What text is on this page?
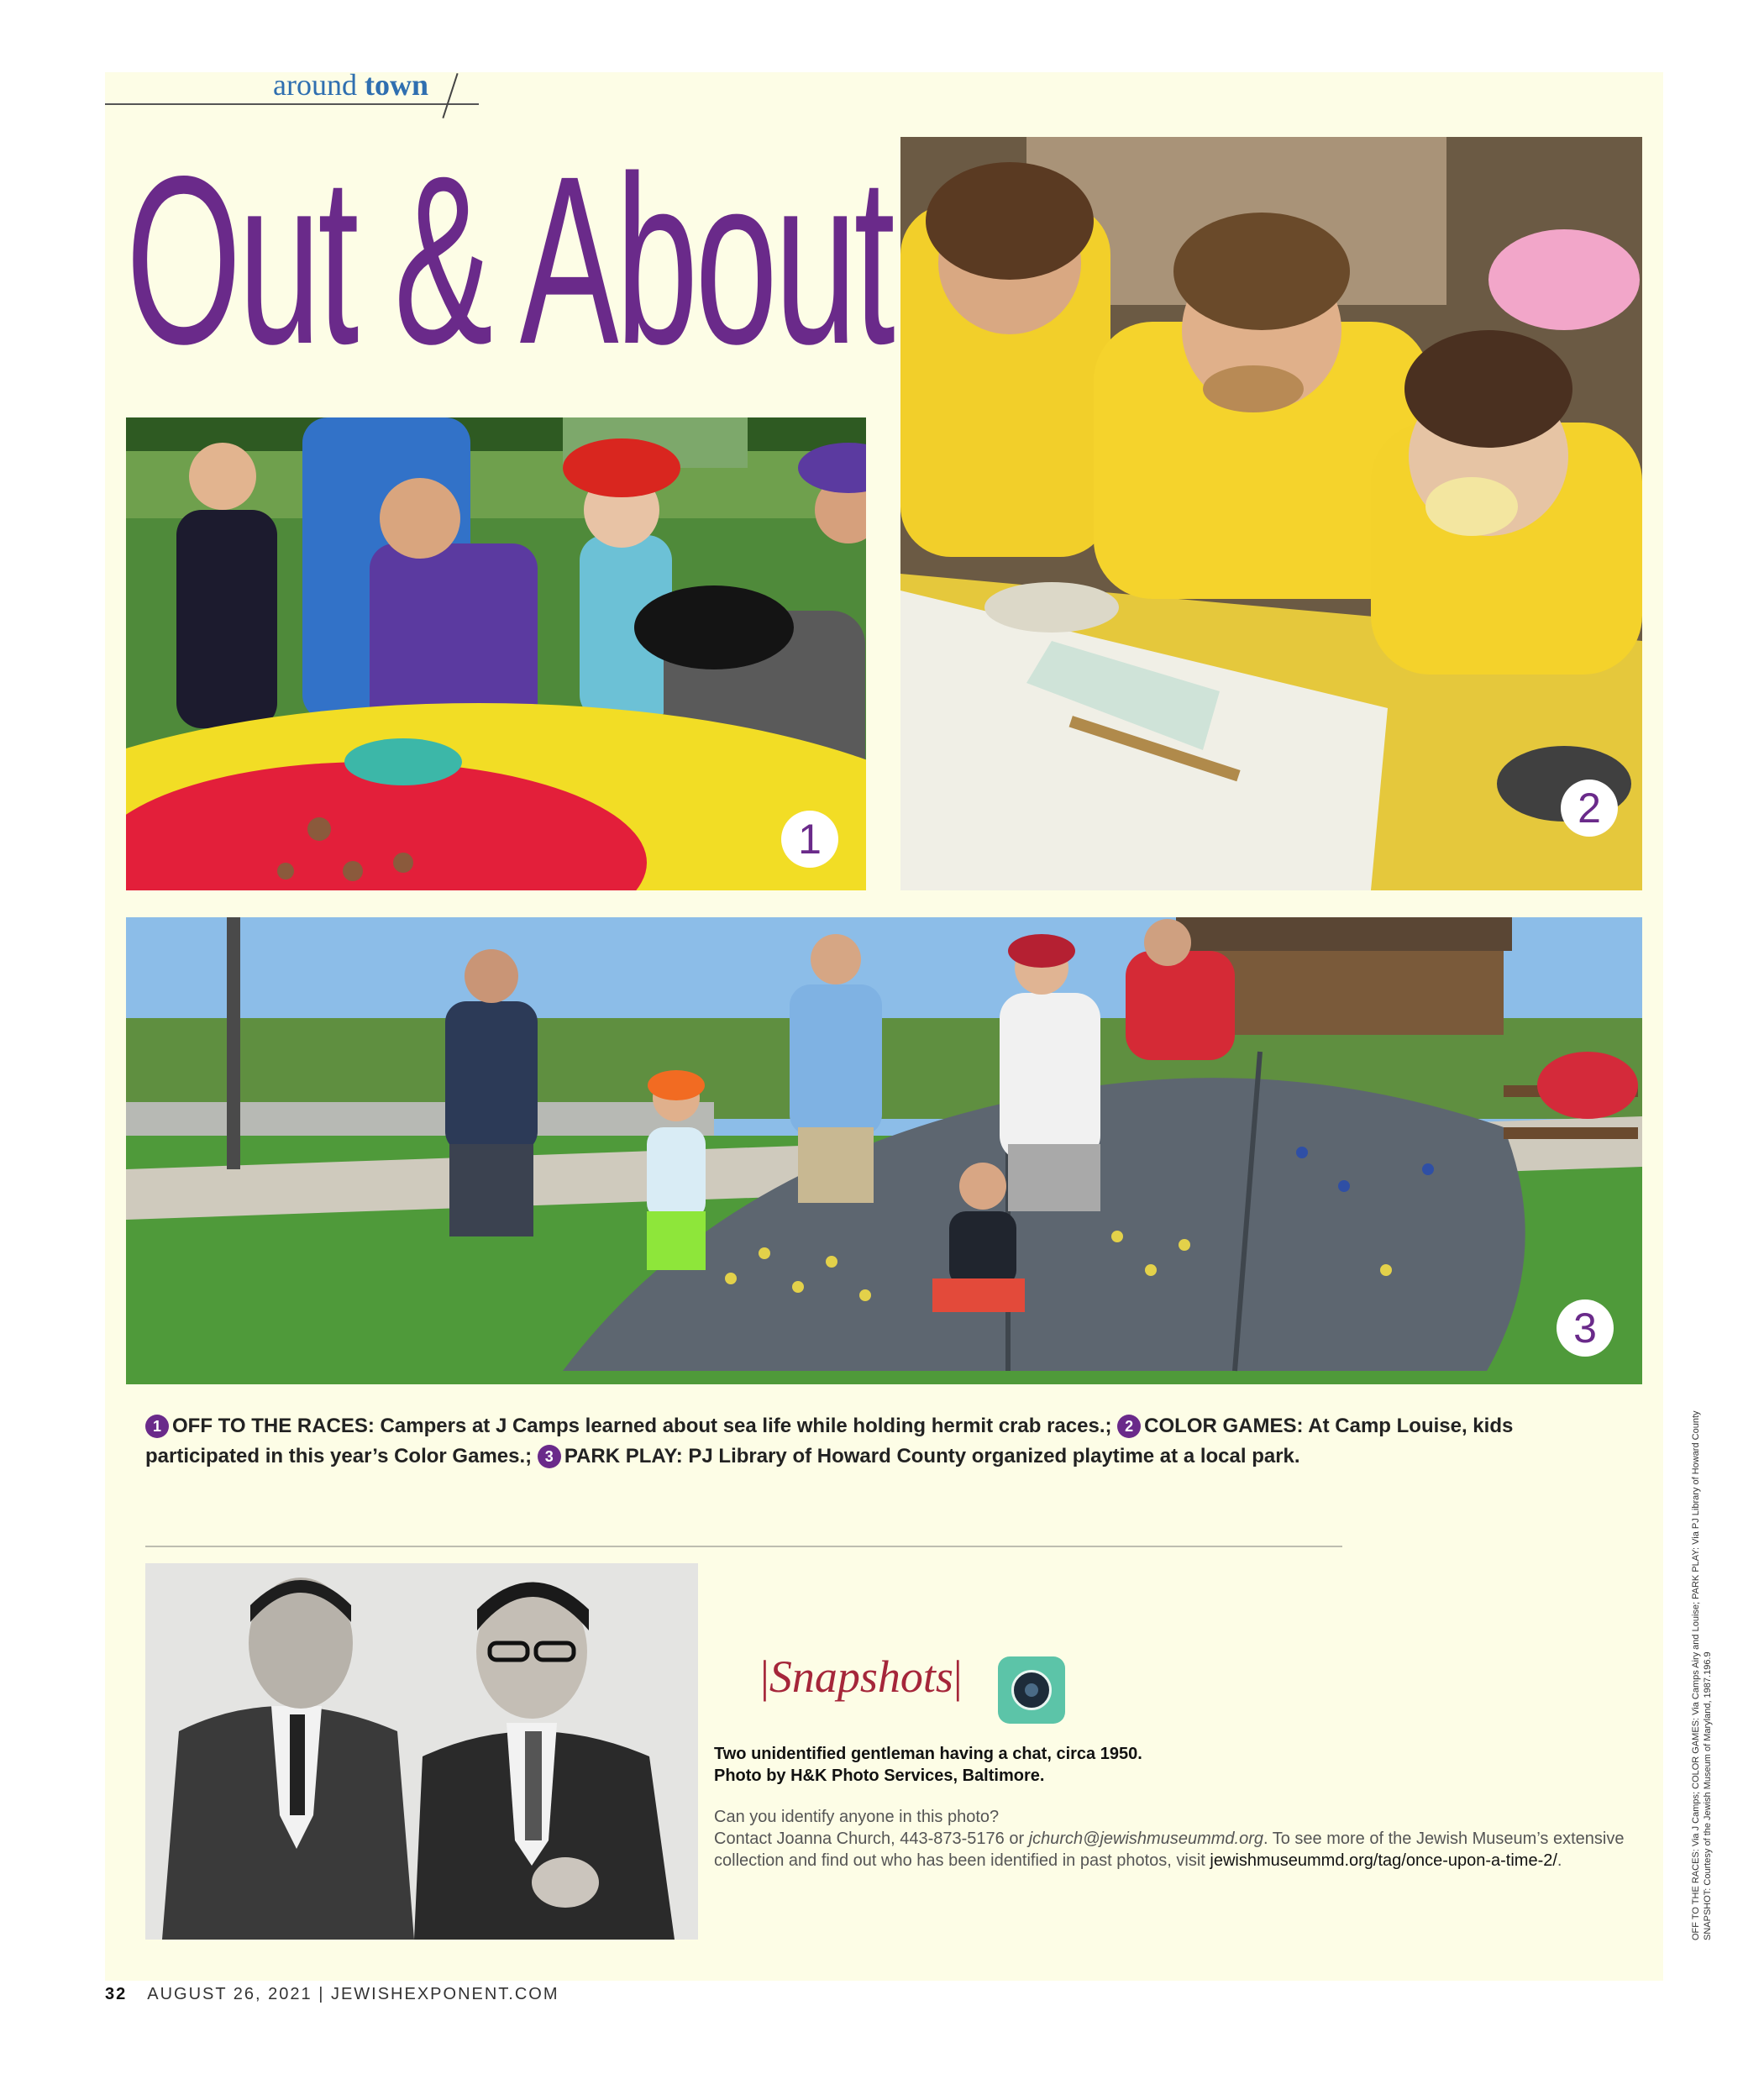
around town
Out & About
1
2
3
1 OFF TO THE RACES: Campers at J Camps learned about sea life while holding hermit crab races.; 2 COLOR GAMES: At Camp Louise, kids participated in this year’s Color Games.; 3 PARK PLAY: PJ Library of Howard County organized playtime at a local park.
|Snapshots|
Two unidentified gentleman having a chat, circa 1950.
Photo by H&K Photo Services, Baltimore.
Can you identify anyone in this photo?
Contact Joanna Church, 443-873-5176 or jchurch@jewishmuseummd.org. To see more of the Jewish Museum’s extensive collection and find out who has been identified in past photos, visit jewishmuseummd.org/tag/once-upon-a-time-2/.	OFF TO THE RACES: Via J Camps; COLOR GAMES: Via Camps Airy and Louise; PARK PLAY: Via PJ Library of Howard County SNAPSHOT: Courtesy of the Jewish Museum of Maryland, 1987.196.9
32 AUGUST 26, 2021 | JEWISHEXPONENT.COM
